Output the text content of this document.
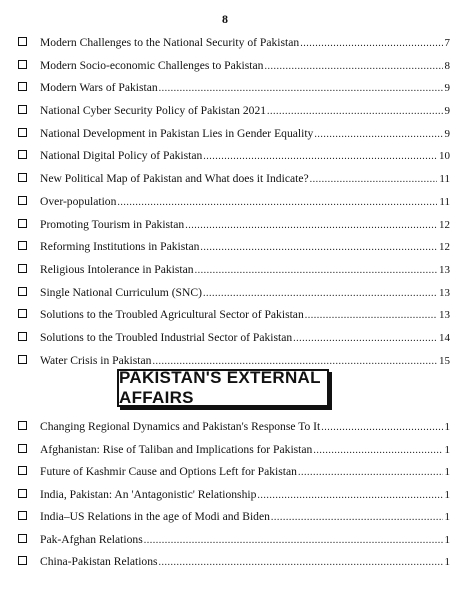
8
Modern Challenges to the National Security of Pakistan .....	7
Modern Socio-economic Challenges to Pakistan .....	8
Modern Wars of Pakistan .....	9
National Cyber Security Policy of Pakistan 2021 .....	9
National Development in Pakistan Lies in Gender Equality .....	9
National Digital Policy of Pakistan .....	10
New Political Map of Pakistan and What does it Indicate? .....	11
Over-population .....	11
Promoting Tourism in Pakistan .....	12
Reforming Institutions in Pakistan .....	12
Religious Intolerance in Pakistan .....	13
Single National Curriculum (SNC) .....	13
Solutions to the Troubled Agricultural Sector of Pakistan .....	13
Solutions to the Troubled Industrial Sector of Pakistan .....	14
Water Crisis in Pakistan .....	15
PAKISTAN'S EXTERNAL AFFAIRS
Changing Regional Dynamics and Pakistan's Response To It .....	1
Afghanistan: Rise of Taliban and Implications for Pakistan .....	1
Future of Kashmir Cause and Options Left for Pakistan .....	1
India, Pakistan: An 'Antagonistic' Relationship .....	1
India–US Relations in the age of Modi and Biden .....	1
Pak-Afghan Relations .....	1
China-Pakistan Relations .....	1
